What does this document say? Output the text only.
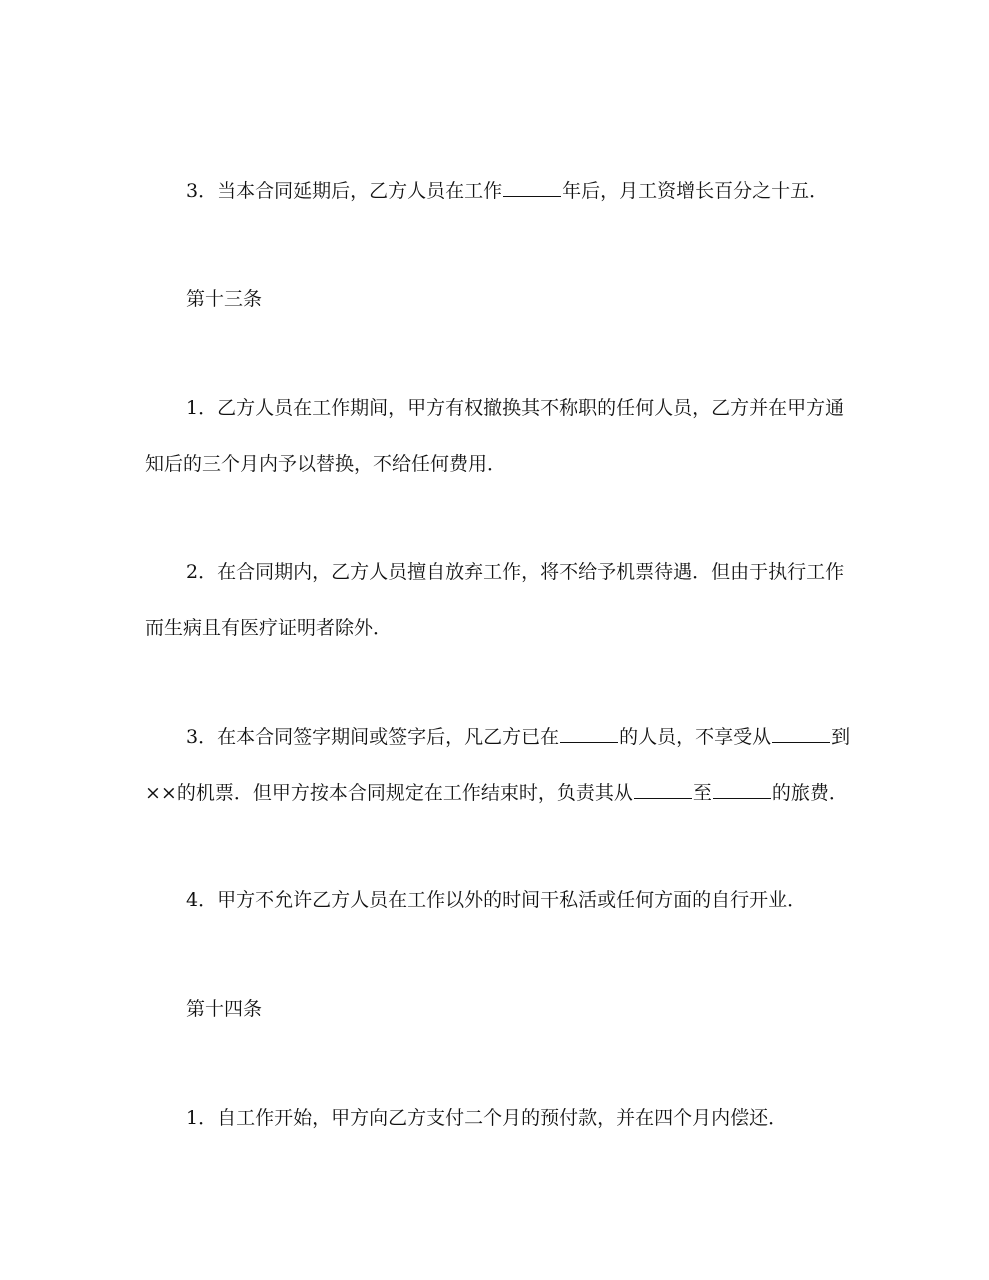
3．当本合同延期后，乙方人员在工作	年后，月工资增长百分之十五．
第十三条
1．乙方人员在工作期间，甲方有权撤换其不称职的任何人员，乙方并在甲方通
知后的三个月内予以替换，不给任何费用．
2．在合同期内，乙方人员擅自放弃工作，将不给予机票待遇．但由于执行工作
而生病且有医疗证明者除外．
3．在本合同签字期间或签字后，凡乙方已在	的人员，不享受从	到
××的机票．但甲方按本合同规定在工作结束时，负责其从	至	的旅费．
4．甲方不允许乙方人员在工作以外的时间干私活或任何方面的自行开业．
第十四条
1．自工作开始，甲方向乙方支付二个月的预付款，并在四个月内偿还．
